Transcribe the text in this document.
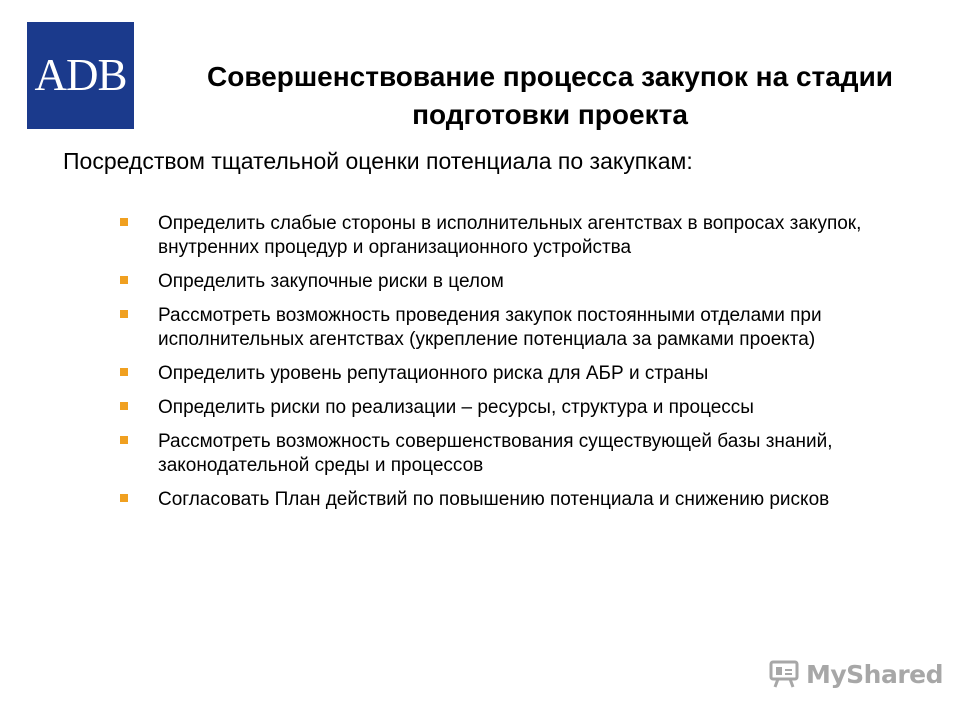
ADB	Совершенствование процесса закупок на стадии
подготовки проекта
Посредством тщательной оценки потенциала по закупкам:
Определить слабые стороны в исполнительных агентствах в вопросах закупок, внутренних процедур и организационного устройства
Определить закупочные риски в целом
Рассмотреть возможность проведения закупок постоянными отделами при исполнительных агентствах (укрепление потенциала за рамками проекта)
Определить уровень репутационного риска для АБР и страны
Определить риски по реализации – ресурсы, структура и процессы
Рассмотреть возможность совершенствования существующей базы знаний, законодательной среды и процессов
Согласовать План действий по повышению потенциала и снижению рисков
MyShared
